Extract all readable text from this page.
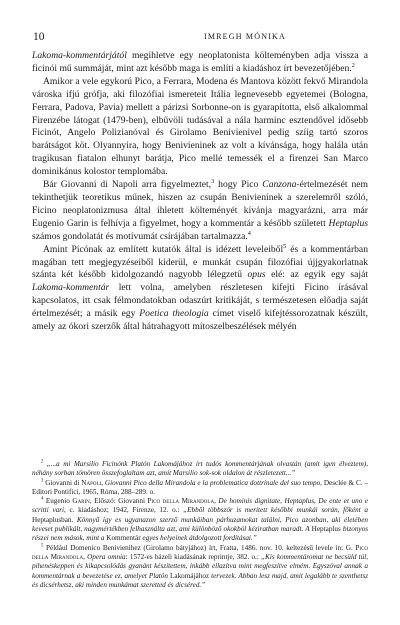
10	IMREGH MÓNIKA

Lakoma-kommentárjától megihletve egy neoplatonista költeményben adja vissza a ficinói mű summáját, mint azt később maga is említi a kiadáshoz írt bevezetőjében.$^2$

Amikor a vele egykorú Pico, a Ferrara, Modena és Mantova között fekvő Mirandola városka ifjú grófja, aki filozófiai ismereteit Itália legnevesebb egyetemei (Bologna, Ferrara, Padova, Pavia) mellett a párizsi Sorbonne-on is gyarapította, első alkalommal Firenzébe látogat (1479-ben), elbűvöli tudásával a nála harminc esztendővel idősebb Ficinót, Angelo Polizianóval és Girolamo Benivienivel pedig szíig tartó szoros barátságot köt. Olyannyira, hogy Benivieninek az volt a kívánsága, hogy halála után tragikusan fiatalon elhunyt barátja, Pico mellé temessék el a firenzei San Marco dominikánus kolostor templomába.

Bár Giovanni di Napoli arra figyelmeztet,$^3$ hogy Pico Canzona-értelmezését nem tekinthetjük teoretikus műnek, hiszen az csupán Benivienínek a szerelemről szóló, Ficino neoplatonizmusa által ihletett költeményét kívánja magyarázni, arra már Eugenio Garin is felhívja a figyelmet, hogy a kommentár a később született Heptaplus számos gondolatát és motívumát csírájában tartalmazza.$^4$

Amint Picónak az említett kutatók által is idézett leveleiből$^5$ és a kommentárban magában tett megjegyzéseiből kiderül, e munkát csupán filozófiai újjgyakorlatnak szánta két később kidolgozandó nagyobb lélegzetű opus elé: az egyik egy saját Lakoma-kommentár lett volna, amelyben részletesen kifejti Ficino írásával kapcsolatos, itt csak félmondatokban odaszúrt kritikáját, s természetesen előadja saját értelmezését; a másik egy Poetica theologia címet viselő kifejtéssorozatnak készült, amely az ókori szerzők által hátrahagyott mítoszelbeszélések mélyén

$^2$ „...a mi Marsilio Ficinónk Platón Lakomájához írt tudós kommentárjának olvastán (amit igen élveztem), néhány sorban tömören összefoglaltam azt, amit Marsilio sok-sok oldalon át részletezett...”

$^3$ Giovanni di Napoli, Giovanni Pico della Mirandola e la problematica dottrinale del suo tempo, Desclée & C. – Editori Pontifici, 1965, Róma, 288–289. o.

$^4$ Eugenio Garin, Előszó: Giovanni Pico della Mirandola, De hominis dignitate, Heptaplus, De ente et uno e scritti vari, c. kiadáshoz; 1942, Firenze, 12. o.: „Ebből többször is merített későbbi munkái során, főként a Heptaplusban. Könnyű így es ugyanazon szerző munkáiban párhuzamokat találni, Pico azonban, aki életében keveset publikált, nagymértékben felhasználta azt, ami különböző okokból kéziratban maradt. A Heptaplus bizonyos részei nem mások, mint a Kommentár egyes helyeinek átdolgozott fordításai.”

$^5$ Például Domenico Benivienihez (Girolamo bátyjához) írt, Fratta, 1486. nov. 10. keltezésű levele in: G. Pico della Mirandola, Opera omnia: 1572-es bázeli kiadásának reprintje, 382. o.: „Kis kommentáromat ne becsüld túl, pihenéskeppen és kikapcsolódás gyanánt készítettem, inkább ellazítva mint megfeszítve elmém. Egyszóval annak a kommentárnak a bevezetése ez, amelyet Platón Lakomájához tervezek. Abban lesz majd, amit legalább te szenthetsz és dicsérhetsz, aki minden munkámat szeretted és dicséred.”
